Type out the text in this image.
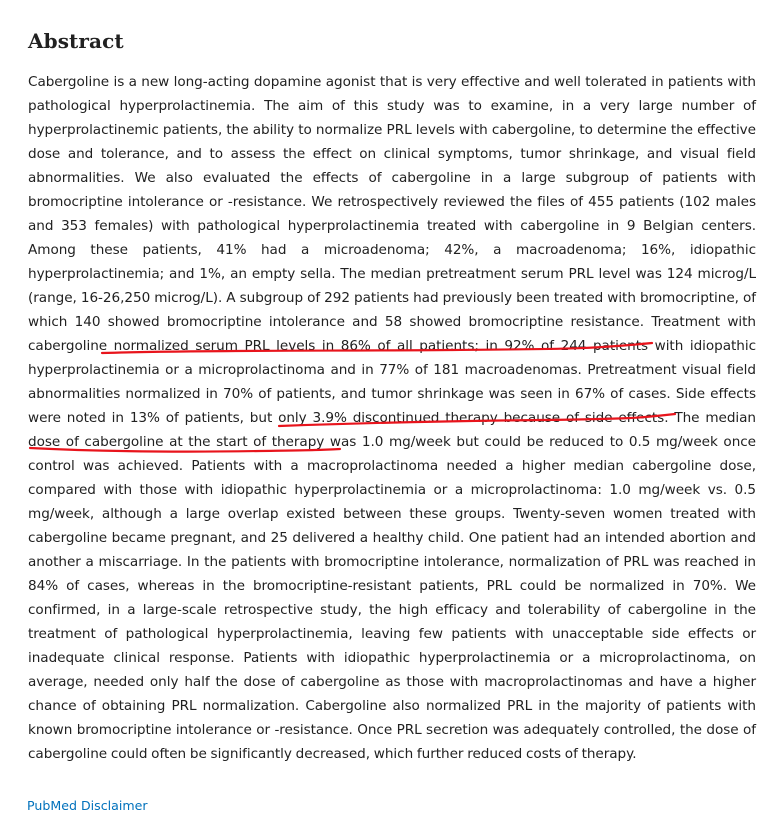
Abstract

Cabergoline is a new long-acting dopamine agonist that is very effective and well tolerated in patients with pathological hyperprolactinemia. The aim of this study was to examine, in a very large number of hyperprolactinemic patients, the ability to normalize PRL levels with cabergoline, to determine the effective dose and tolerance, and to assess the effect on clinical symptoms, tumor shrinkage, and visual field abnormalities. We also evaluated the effects of cabergoline in a large subgroup of patients with bromocriptine intolerance or -resistance. We retrospectively reviewed the files of 455 patients (102 males and 353 females) with pathological hyperprolactinemia treated with cabergoline in 9 Belgian centers. Among these patients, 41% had a microadenoma; 42%, a macroadenoma; 16%, idiopathic hyperprolactinemia; and 1%, an empty sella. The median pretreatment serum PRL level was 124 microg/L (range, 16-26,250 microg/L). A subgroup of 292 patients had previously been treated with bromocriptine, of which 140 showed bromocriptine intolerance and 58 showed bromocriptine resistance. Treatment with cabergoline normalized serum PRL levels in 86% of all patients; in 92% of 244 patients with idiopathic hyperprolactinemia or a microprolactinoma and in 77% of 181 macroadenomas. Pretreatment visual field abnormalities normalized in 70% of patients, and tumor shrinkage was seen in 67% of cases. Side effects were noted in 13% of patients, but only 3.9% discontinued therapy because of side effects. The median dose of cabergoline at the start of therapy was 1.0 mg/week but could be reduced to 0.5 mg/week once control was achieved. Patients with a macroprolactinoma needed a higher median cabergoline dose, compared with those with idiopathic hyperprolactinemia or a microprolactinoma: 1.0 mg/week vs. 0.5 mg/week, although a large overlap existed between these groups. Twenty-seven women treated with cabergoline became pregnant, and 25 delivered a healthy child. One patient had an intended abortion and another a miscarriage. In the patients with bromocriptine intolerance, normalization of PRL was reached in 84% of cases, whereas in the bromocriptine-resistant patients, PRL could be normalized in 70%. We confirmed, in a large-scale retrospective study, the high efficacy and tolerability of cabergoline in the treatment of pathological hyperprolactinemia, leaving few patients with unacceptable side effects or inadequate clinical response. Patients with idiopathic hyperprolactinemia or a microprolactinoma, on average, needed only half the dose of cabergoline as those with macroprolactinomas and have a higher chance of obtaining PRL normalization. Cabergoline also normalized PRL in the majority of patients with known bromocriptine intolerance or -resistance. Once PRL secretion was adequately controlled, the dose of cabergoline could often be significantly decreased, which further reduced costs of therapy.

PubMed Disclaimer
